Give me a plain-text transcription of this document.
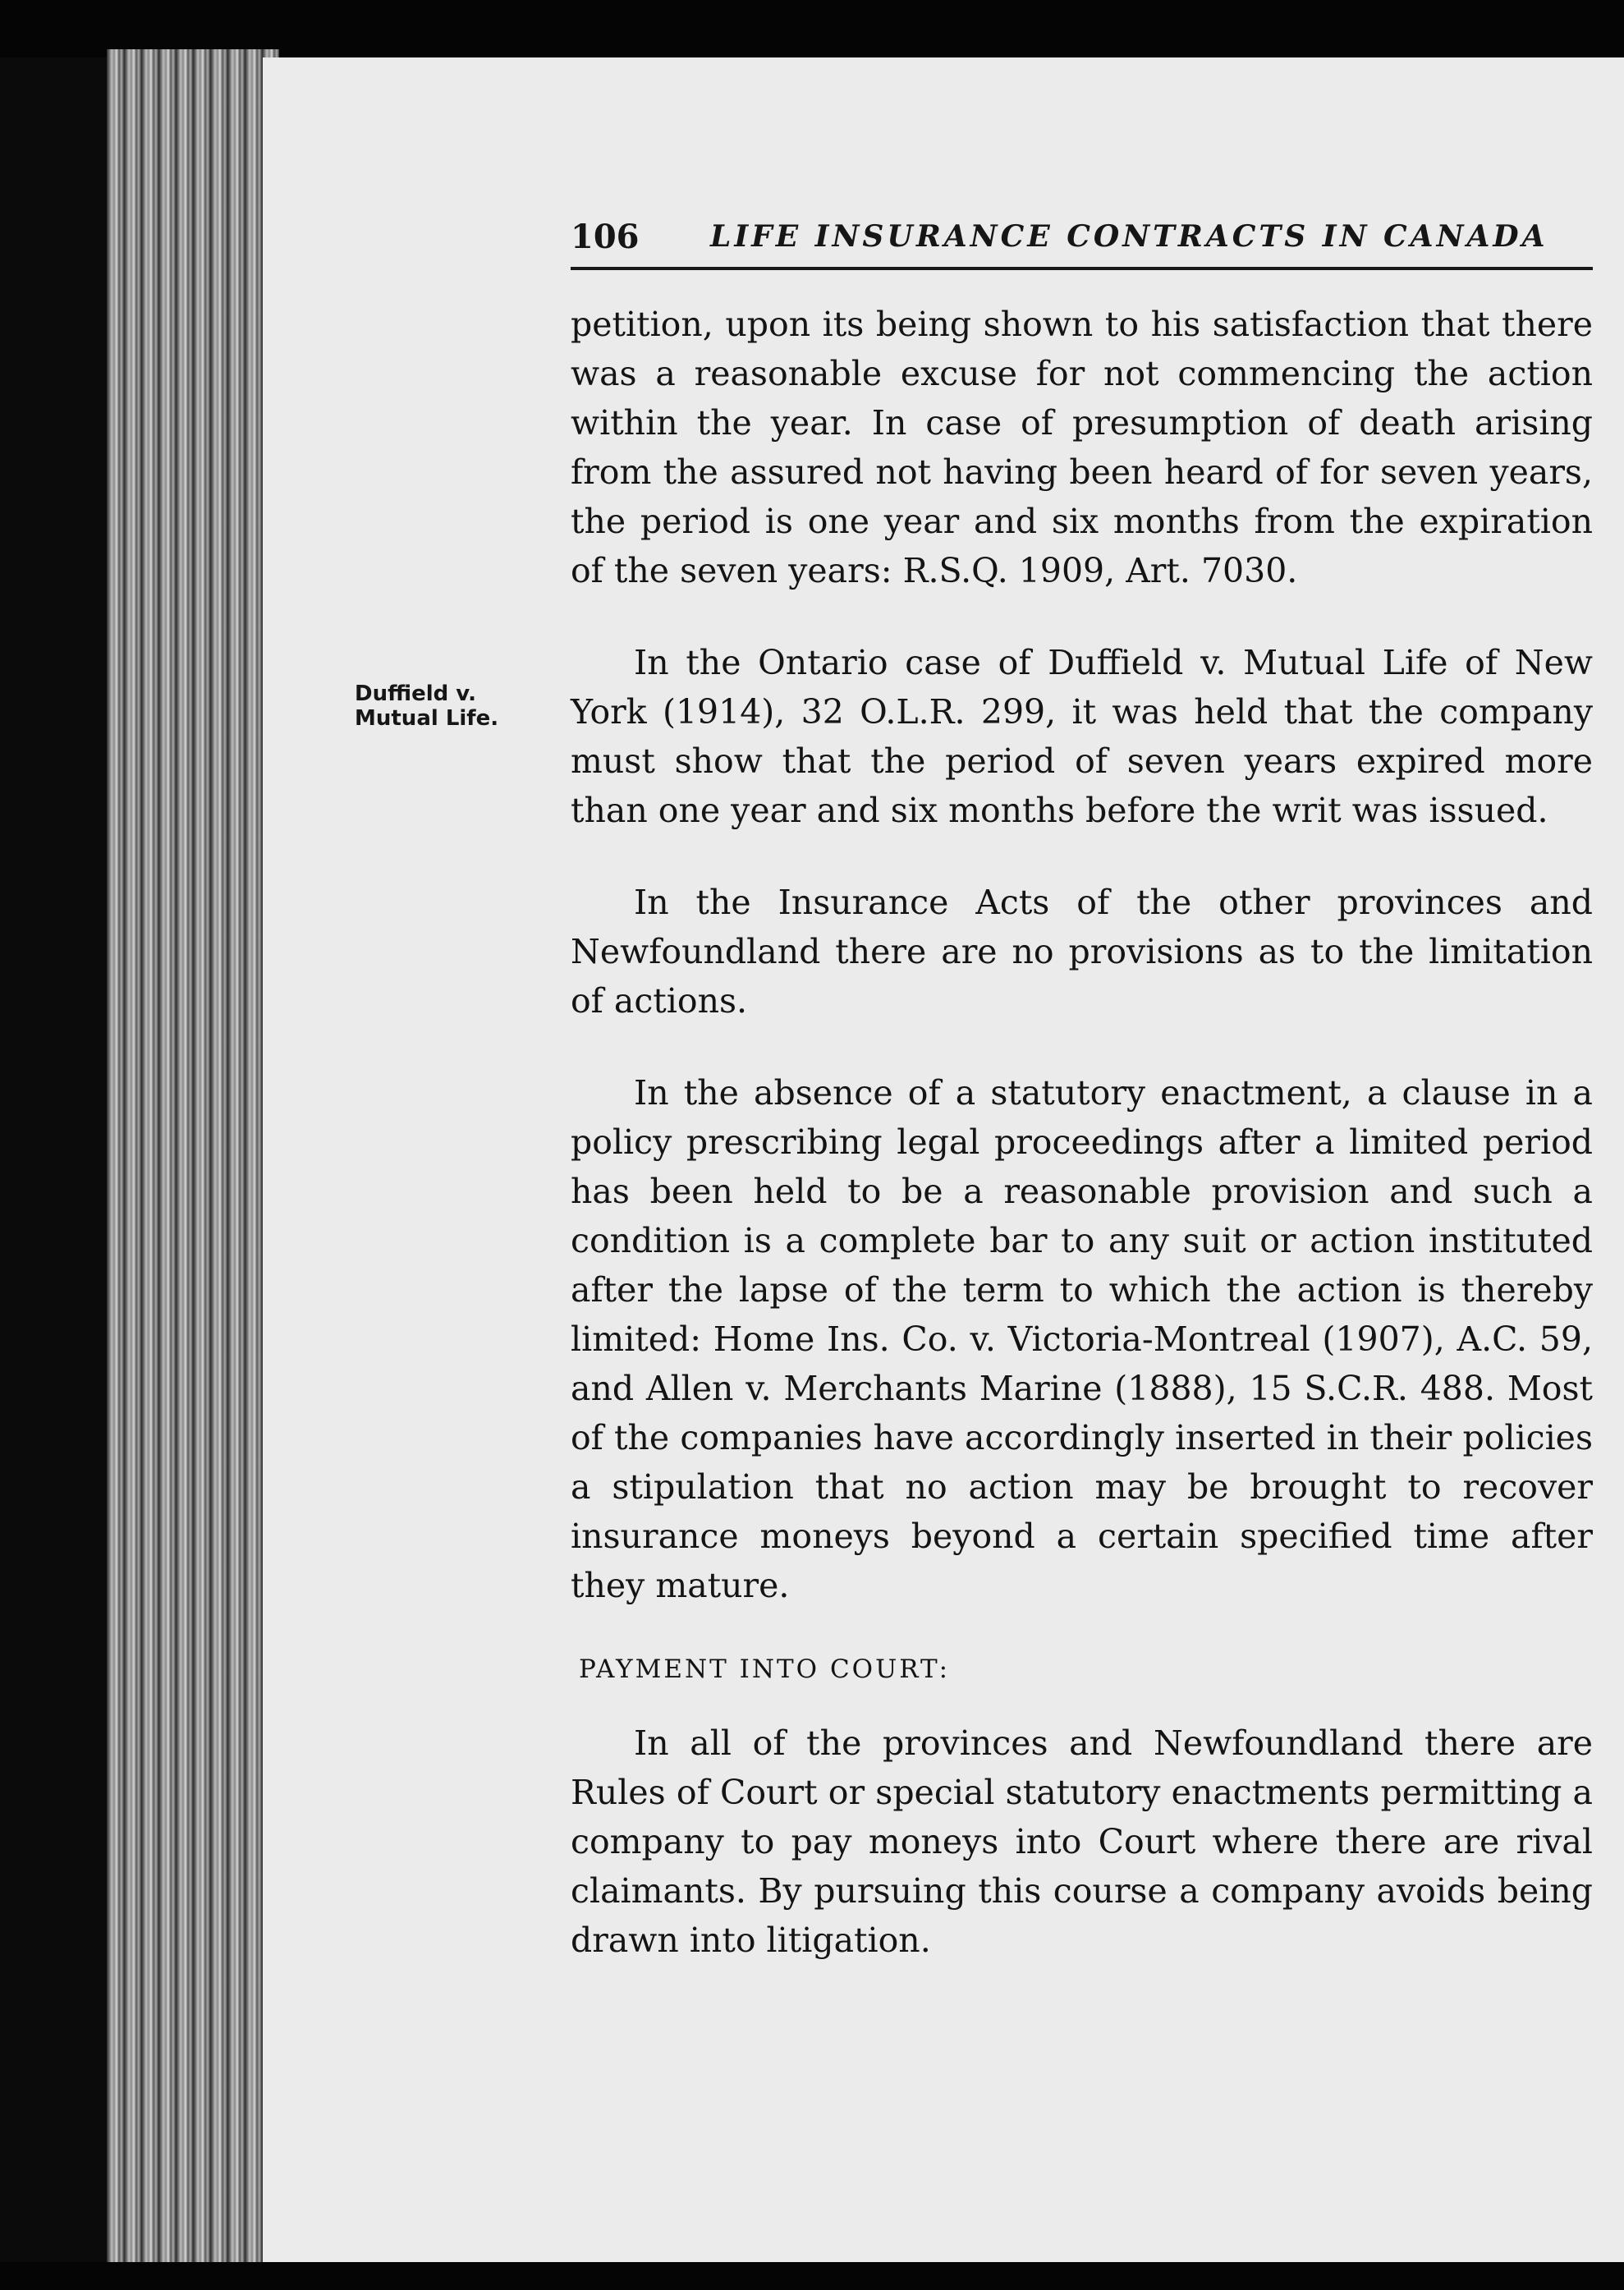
106 LIFE INSURANCE CONTRACTS IN CANADA
Duffield v.
Mutual Life.

petition, upon its being shown to his satisfaction that there was a reasonable excuse for not commencing the action within the year. In case of presumption of death arising from the assured not having been heard of for seven years, the period is one year and six months from the expiration of the seven years: R.S.Q. 1909, Art. 7030.

In the Ontario case of Duffield v. Mutual Life of New York (1914), 32 O.L.R. 299, it was held that the company must show that the period of seven years expired more than one year and six months before the writ was issued.

In the Insurance Acts of the other provinces and Newfoundland there are no provisions as to the limitation of actions.

In the absence of a statutory enactment, a clause in a policy prescribing legal proceedings after a limited period has been held to be a reasonable provision and such a condition is a complete bar to any suit or action instituted after the lapse of the term to which the action is thereby limited: Home Ins. Co. v. Victoria-Montreal (1907), A.C. 59, and Allen v. Merchants Marine (1888), 15 S.C.R. 488. Most of the companies have accordingly inserted in their policies a stipulation that no action may be brought to recover insurance moneys beyond a certain specified time after they mature.

PAYMENT INTO COURT:

In all of the provinces and Newfoundland there are Rules of Court or special statutory enactments permitting a company to pay moneys into Court where there are rival claimants. By pursuing this course a company avoids being drawn into litigation.
